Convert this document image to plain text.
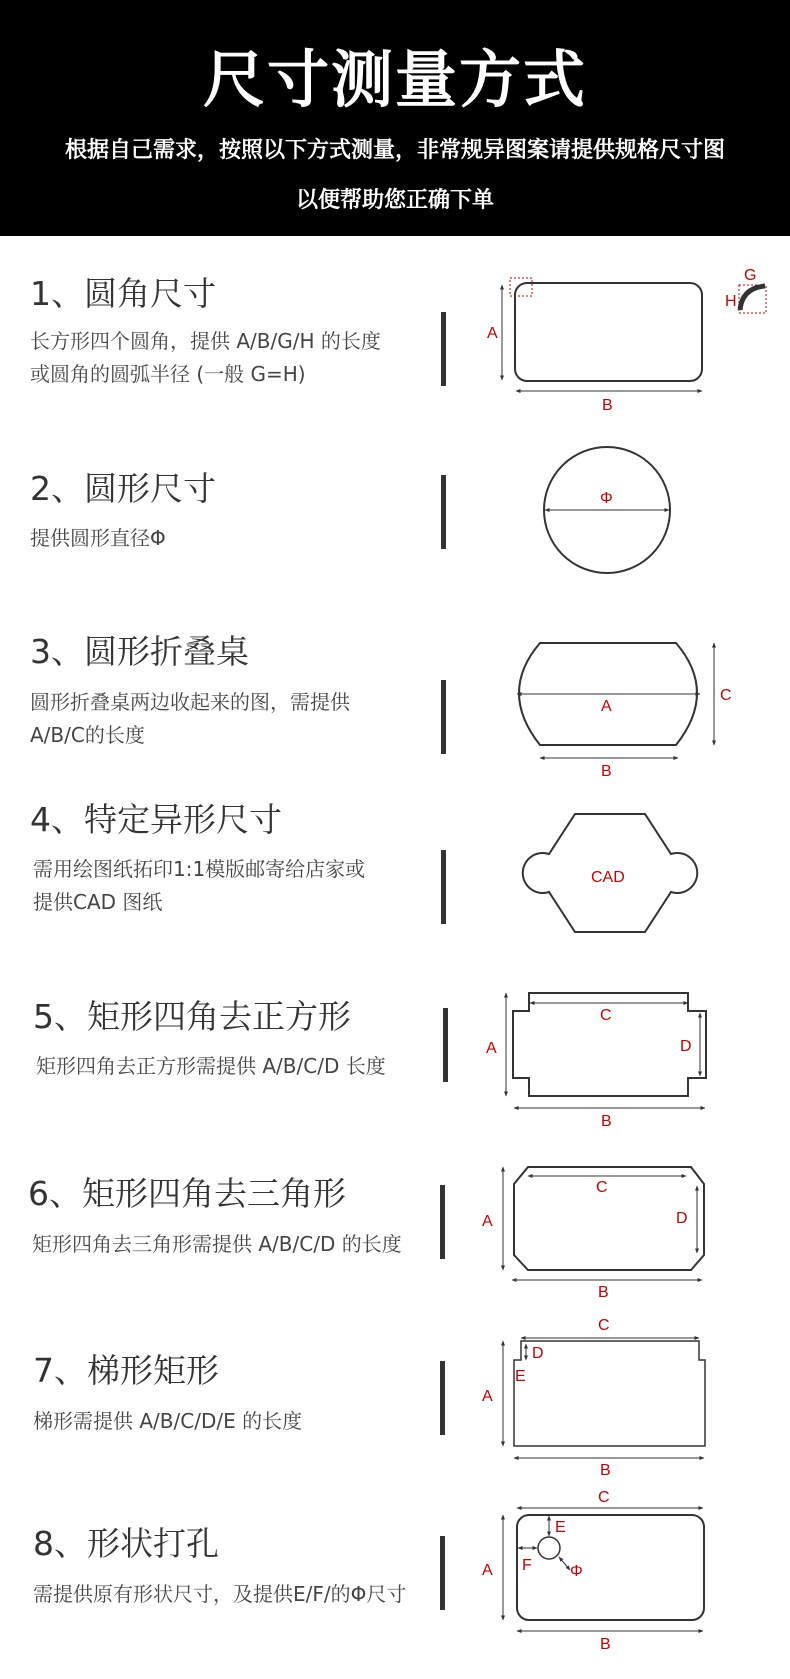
尺寸测量方式
根据自己需求，按照以下方式测量，非常规异图案请提供规格尺寸图
以便帮助您正确下单
1、圆角尺寸
长方形四个圆角，提供 A/B/G/H 的长度
或圆角的圆弧半径 (一般 G=H)
2、圆形尺寸
提供圆形直径Φ
3、圆形折叠桌
圆形折叠桌两边收起来的图，需提供
A/B/C的长度
4、特定异形尺寸
需用绘图纸拓印1:1模版邮寄给店家或
提供CAD 图纸
5、矩形四角去正方形
矩形四角去正方形需提供 A/B/C/D 长度
6、矩形四角去三角形
矩形四角去三角形需提供 A/B/C/D 的长度
7、梯形矩形
梯形需提供 A/B/C/D/E 的长度
8、形状打孔
需提供原有形状尺寸，及提供E/F/的Φ尺寸
A
B
G
H
Φ
A
B
C
CAD
A
B
C
D
A
B
C
D
A
B
C
D
E
A
B
C
E
F Φ
